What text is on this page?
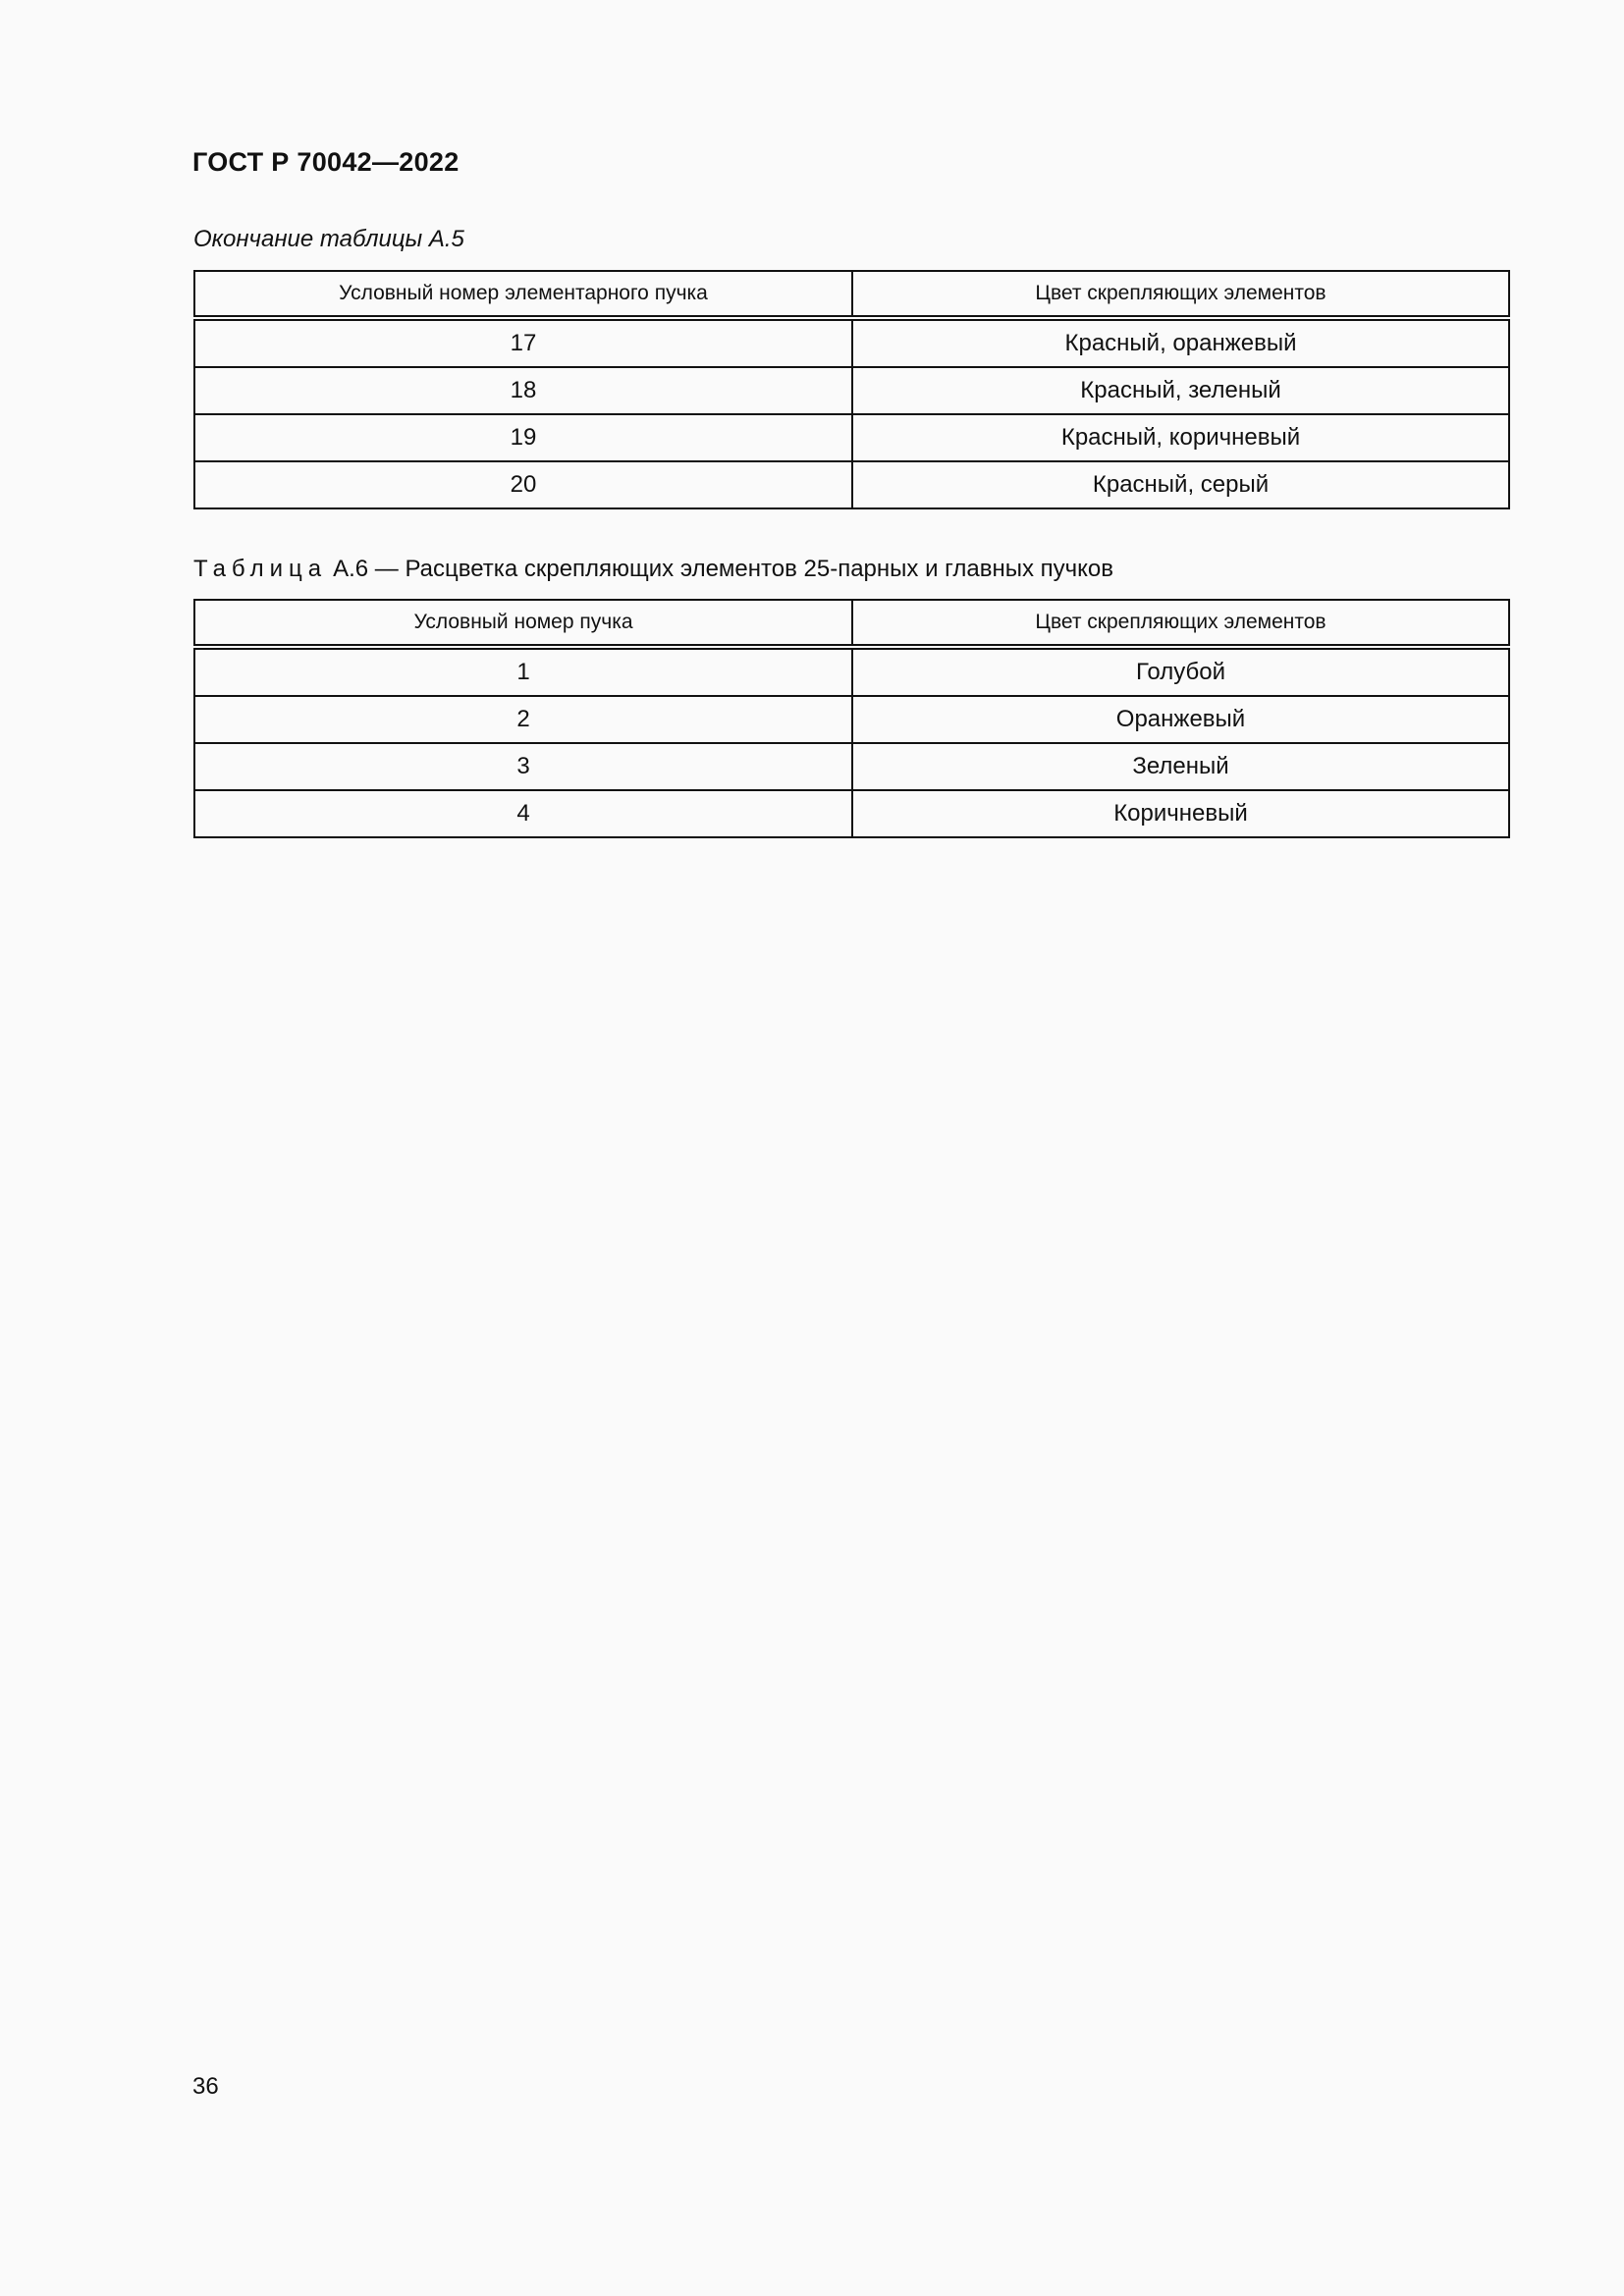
ГОСТ Р 70042—2022
Окончание таблицы А.5
Условный номер элементарного пучка	Цвет скрепляющих элементов
17	Красный, оранжевый
18	Красный, зеленый
19	Красный, коричневый
20	Красный, серый
Таблица А.6 — Расцветка скрепляющих элементов 25-парных и главных пучков
Условный номер пучка	Цвет скрепляющих элементов
1	Голубой
2	Оранжевый
3	Зеленый
4	Коричневый
36
